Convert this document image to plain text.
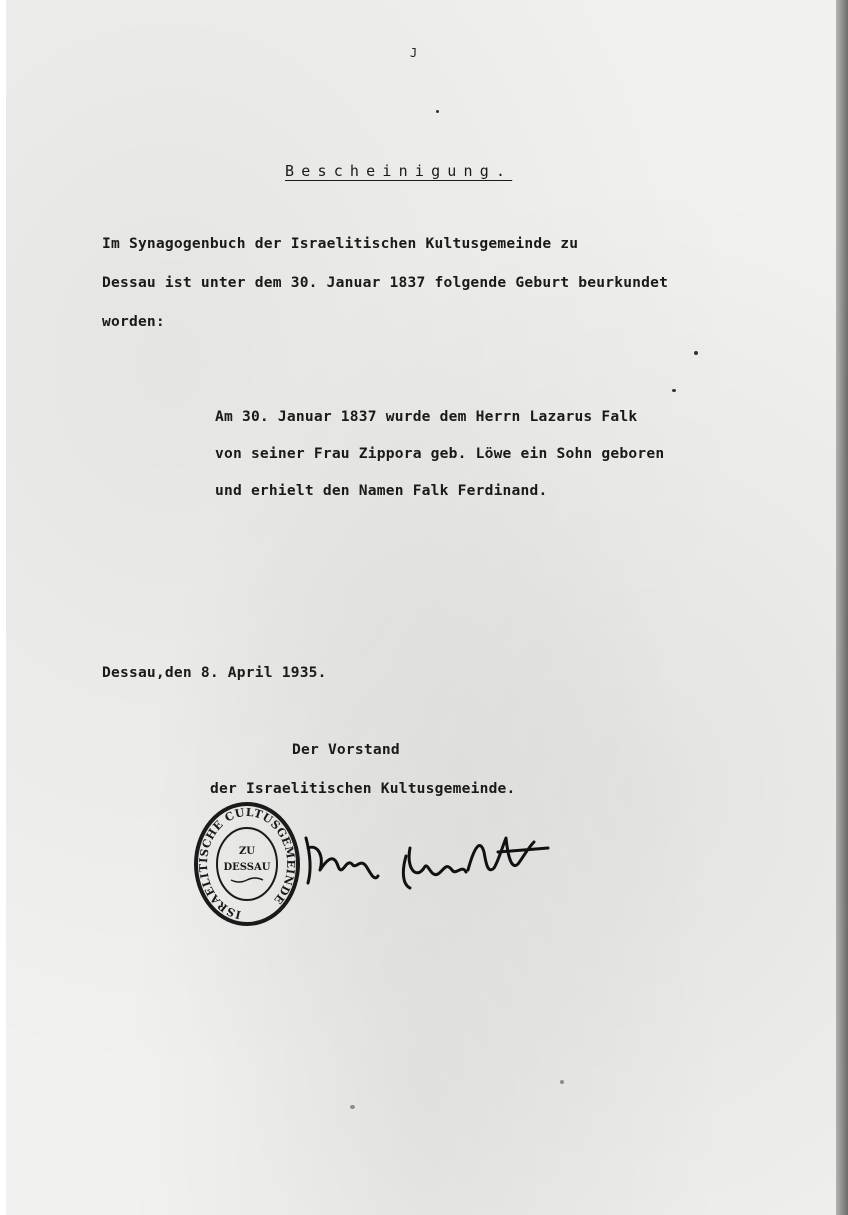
J
Bescheinigung.
Im Synagogenbuch der Israelitischen Kultusgemeinde zu
Dessau ist unter dem 30. Januar 1837 folgende Geburt beurkundet
worden:
Am 30. Januar 1837 wurde dem Herrn Lazarus Falk
von seiner Frau Zippora geb. Löwe ein Sohn geboren
und erhielt den Namen Falk Ferdinand.
Dessau,den 8. April 1935.
Der Vorstand
der Israelitischen Kultusgemeinde.
ISRAELITISCHE CULTUSGEMEINDE
ZU
DESSAU
